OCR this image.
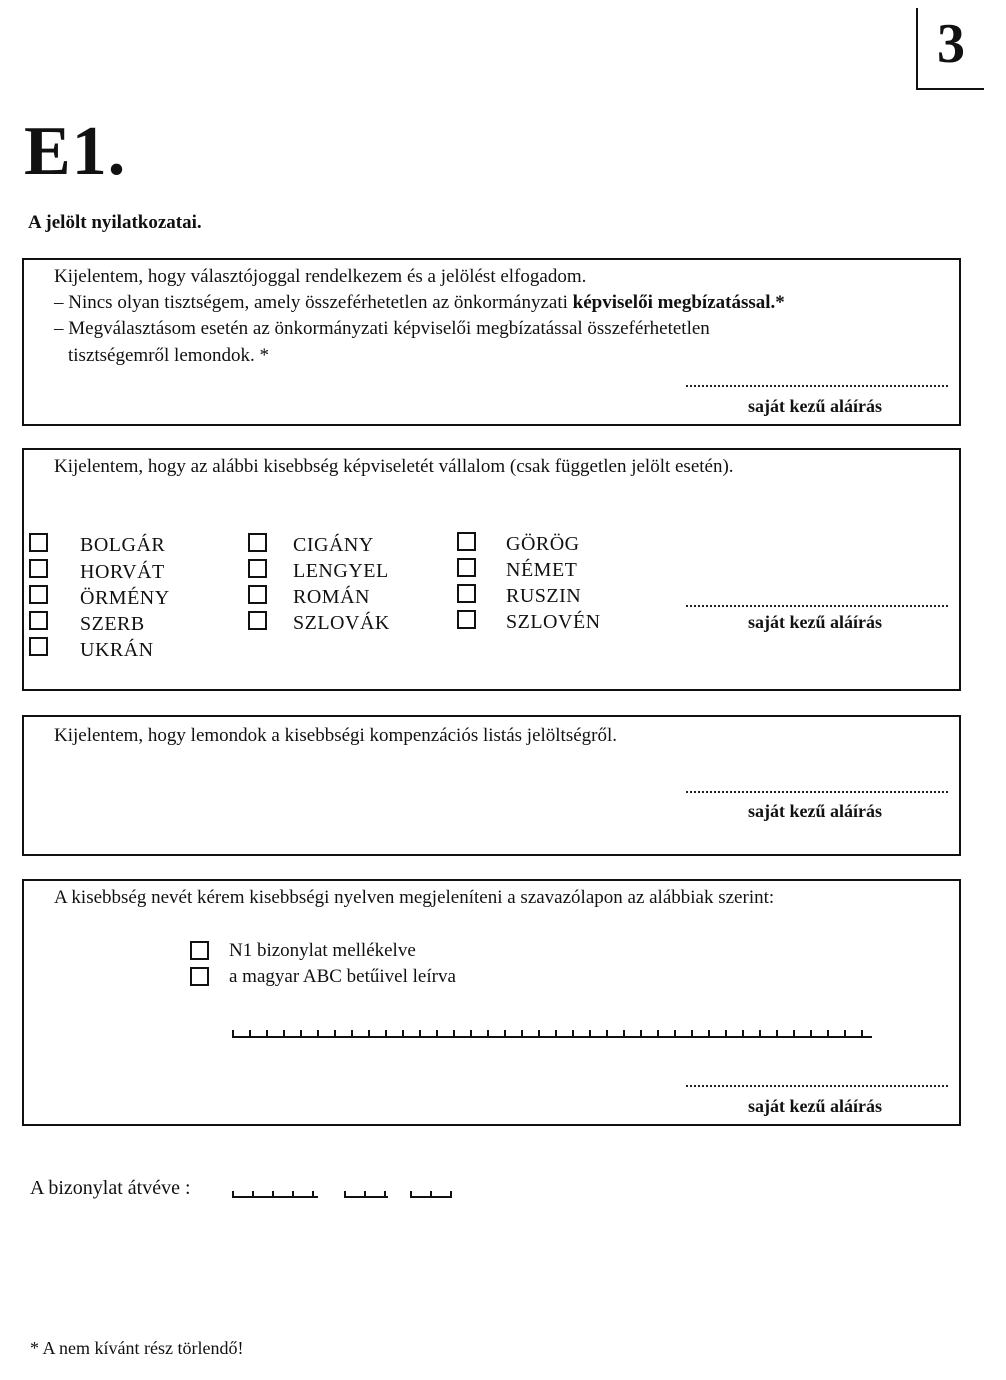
3
E1.
A jelölt nyilatkozatai.
Kijelentem, hogy választójoggal rendelkezem és a jelölést elfogadom.
– Nincs olyan tisztségem, amely összeférhetetlen az önkormányzati képviselői megbízatással.*
– Megválasztásom esetén az önkormányzati képviselői megbízatással összeférhetetlen
tisztségemről lemondok. *
saját kezű aláírás
Kijelentem, hogy az alábbi kisebbség képviseletét vállalom (csak független jelölt esetén).
BOLGÁR
HORVÁT
ÖRMÉNY
SZERB
UKRÁN
CIGÁNY
LENGYEL
ROMÁN
SZLOVÁK
GÖRÖG
NÉMET
RUSZIN
SZLOVÉN	saját kezű aláírás
Kijelentem, hogy lemondok a kisebbségi kompenzációs listás jelöltségről.
saját kezű aláírás
A kisebbség nevét kérem kisebbségi nyelven megjeleníteni a szavazólapon az alábbiak szerint:
N1 bizonylat mellékelve
a magyar ABC betűivel leírva
saját kezű aláírás
A bizonylat átvéve :
* A nem kívánt rész törlendő!
